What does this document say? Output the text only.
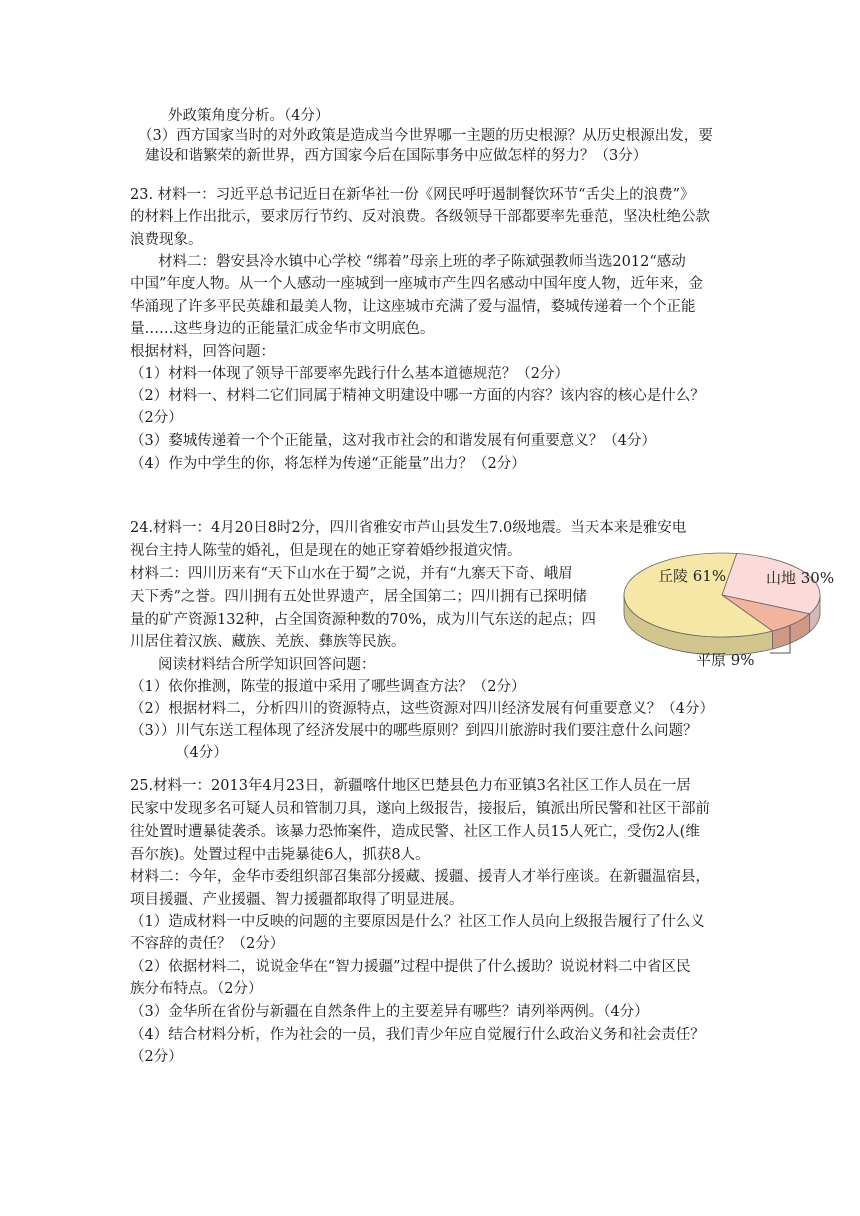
外政策角度分析。（4分）
（3）西方国家当时的对外政策是造成当今世界哪一主题的历史根源？从历史根源出发，要
建设和谐繁荣的新世界，西方国家今后在国际事务中应做怎样的努力？（3分）
23. 材料一：习近平总书记近日在新华社一份《网民呼吁遏制餐饮环节“舌尖上的浪费”》
的材料上作出批示，要求厉行节约、反对浪费。各级领导干部都要率先垂范，坚决杜绝公款
浪费现象。
材料二：磐安县冷水镇中心学校 “绑着”母亲上班的孝子陈斌强教师当选2012“感动
中国”年度人物。从一个人感动一座城到一座城市产生四名感动中国年度人物，近年来，金
华涌现了许多平民英雄和最美人物，让这座城市充满了爱与温情，婺城传递着一个个正能
量……这些身边的正能量汇成金华市文明底色。
根据材料，回答问题：
（1）材料一体现了领导干部要率先践行什么基本道德规范？（2分）
（2）材料一、材料二它们同属于精神文明建设中哪一方面的内容？该内容的核心是什么？
（2分）
（3）婺城传递着一个个正能量，这对我市社会的和谐发展有何重要意义？（4分）
（4）作为中学生的你，将怎样为传递“正能量”出力？（2分）
24.材料一：4月20日8时2分，四川省雅安市芦山县发生7.0级地震。当天本来是雅安电
视台主持人陈莹的婚礼，但是现在的她正穿着婚纱报道灾情。
材料二：四川历来有“天下山水在于蜀”之说，并有“九寨天下奇、峨眉
天下秀”之誉。四川拥有五处世界遗产，居全国第二；四川拥有已探明储
量的矿产资源132种，占全国资源种数的70%，成为川气东送的起点；四
川居住着汉族、藏族、羌族、彝族等民族。
阅读材料结合所学知识回答问题：
（1）依你推测，陈莹的报道中采用了哪些调查方法？（2分）
（2）根据材料二，分析四川的资源特点，这些资源对四川经济发展有何重要意义？（4分）
（3））川气东送工程体现了经济发展中的哪些原则？到四川旅游时我们要注意什么问题？
（4分）
丘陵 61%	山地 30%
平原 9%
25.材料一：2013年4月23日，新疆喀什地区巴楚县色力布亚镇3名社区工作人员在一居
民家中发现多名可疑人员和管制刀具，遂向上级报告，接报后，镇派出所民警和社区干部前
往处置时遭暴徒袭杀。该暴力恐怖案件，造成民警、社区工作人员15人死亡，受伤2人(维
吾尔族)。处置过程中击毙暴徒6人，抓获8人。
材料二：今年，金华市委组织部召集部分援藏、援疆、援青人才举行座谈。在新疆温宿县，
项目援疆、产业援疆、智力援疆都取得了明显进展。
（1）造成材料一中反映的问题的主要原因是什么？社区工作人员向上级报告履行了什么义
不容辞的责任？（2分）
（2）依据材料二，说说金华在“智力援疆”过程中提供了什么援助？说说材料二中省区民
族分布特点。（2分）
（3）金华所在省份与新疆在自然条件上的主要差异有哪些？请列举两例。（4分）
（4）结合材料分析，作为社会的一员，我们青少年应自觉履行什么政治义务和社会责任？
（2分）
